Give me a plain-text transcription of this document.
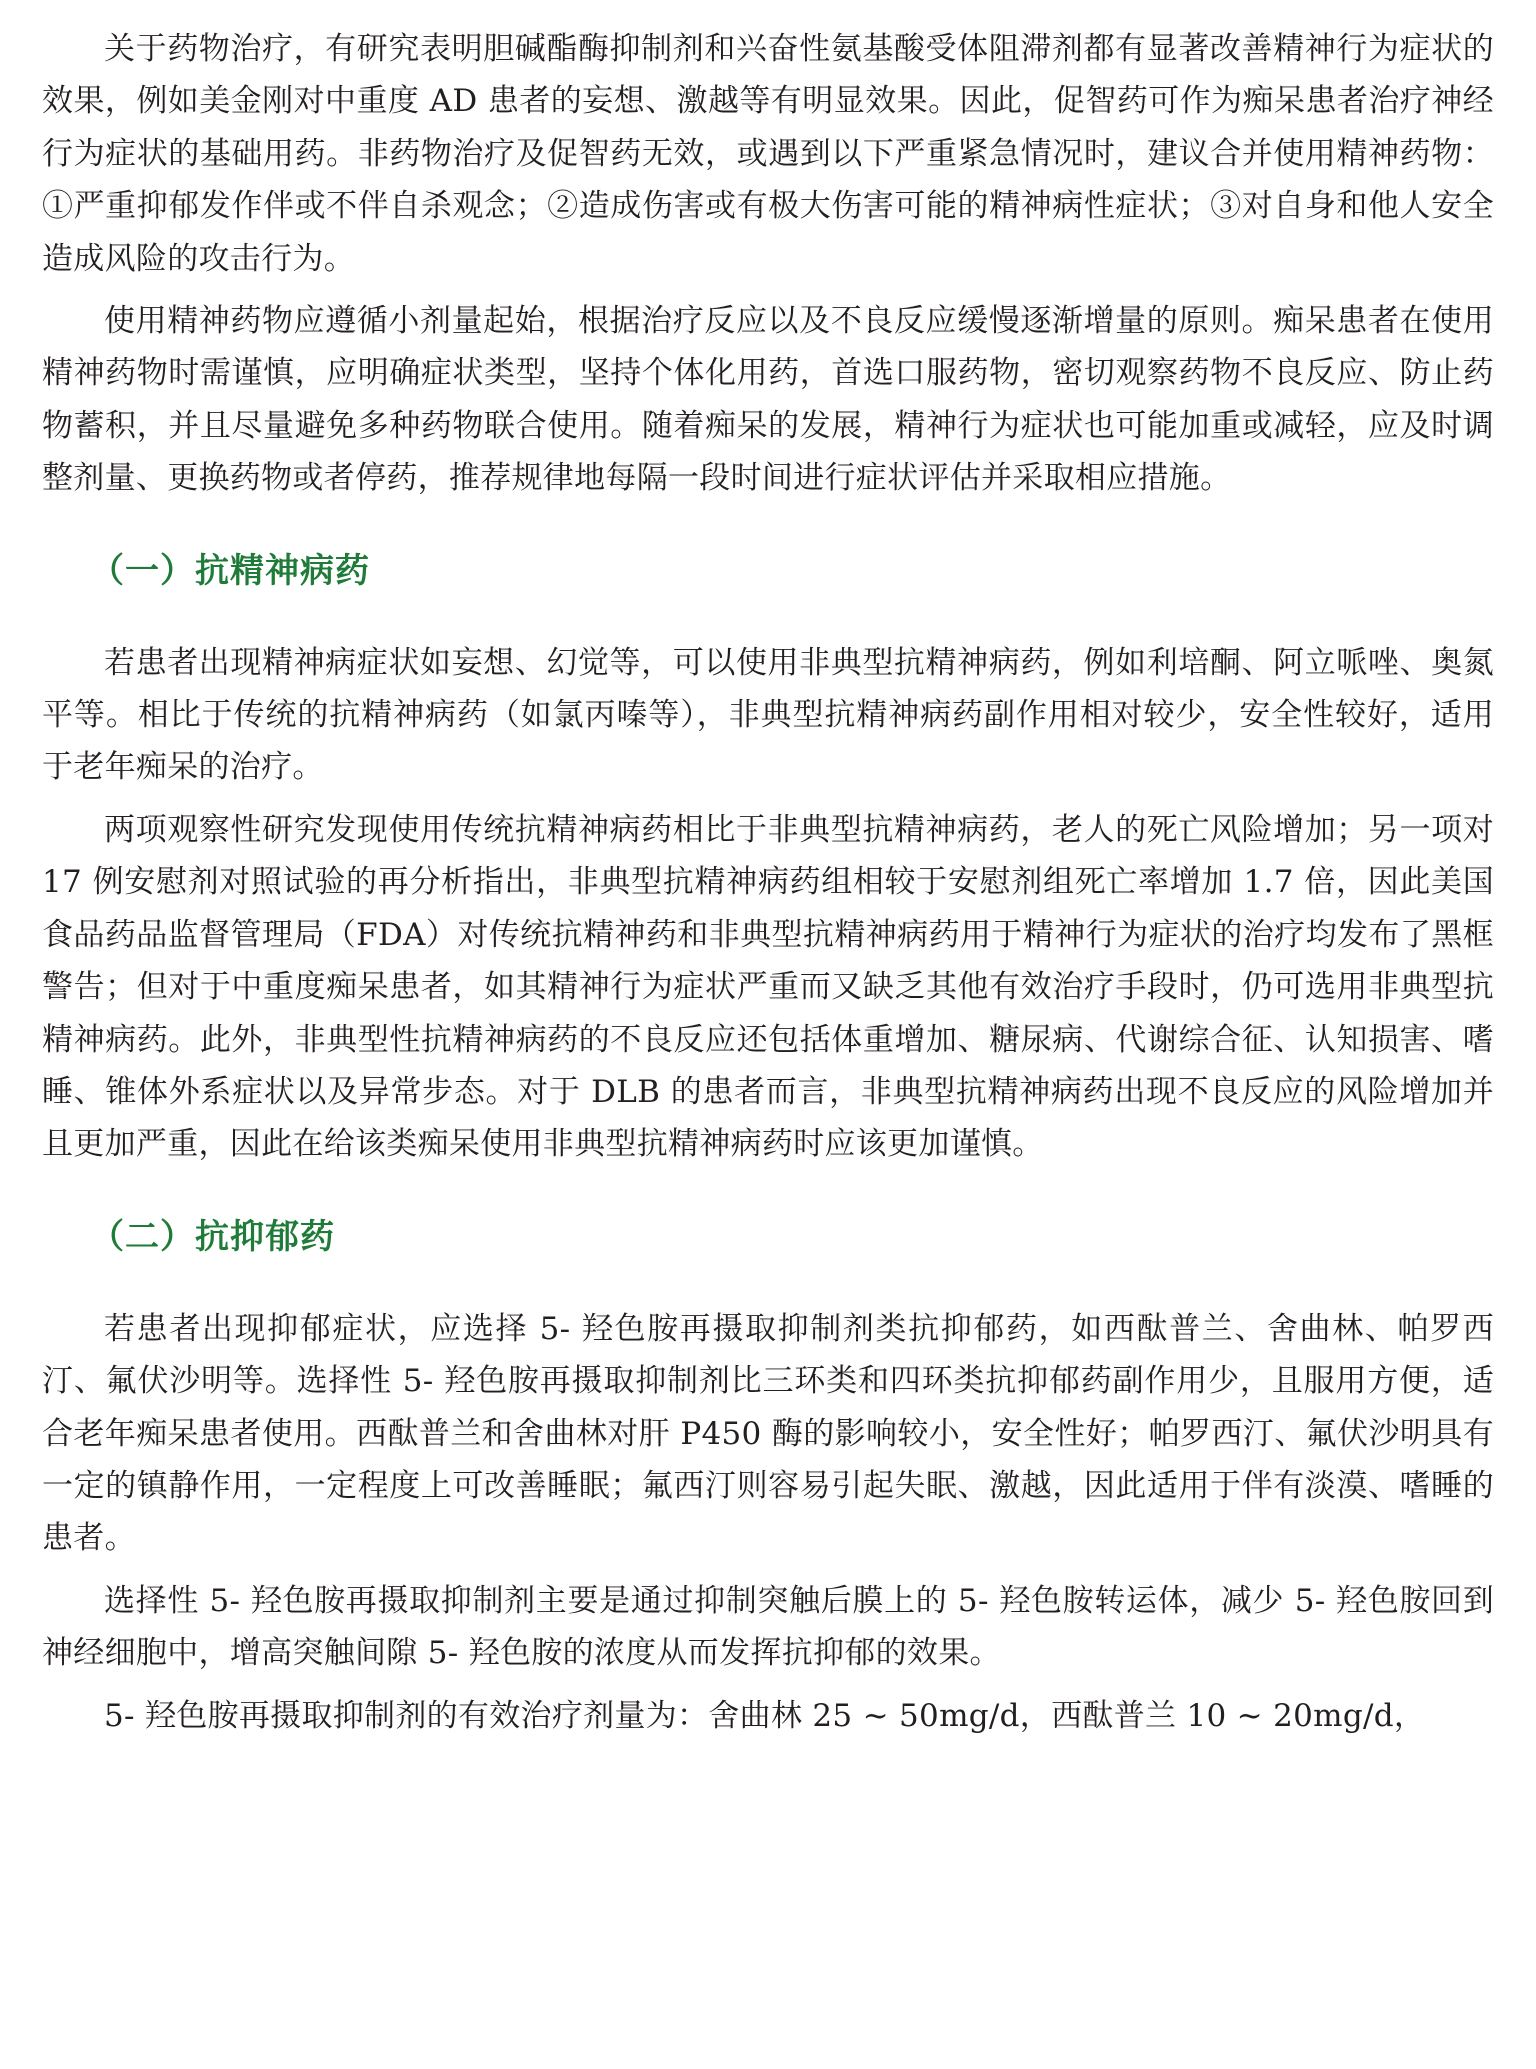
关于药物治疗，有研究表明胆碱酯酶抑制剂和兴奋性氨基酸受体阻滞剂都有显著改善精神行为症状的效果，例如美金刚对中重度 AD 患者的妄想、激越等有明显效果。因此，促智药可作为痴呆患者治疗神经行为症状的基础用药。非药物治疗及促智药无效，或遇到以下严重紧急情况时，建议合并使用精神药物：①严重抑郁发作伴或不伴自杀观念；②造成伤害或有极大伤害可能的精神病性症状；③对自身和他人安全造成风险的攻击行为。

使用精神药物应遵循小剂量起始，根据治疗反应以及不良反应缓慢逐渐增量的原则。痴呆患者在使用精神药物时需谨慎，应明确症状类型，坚持个体化用药，首选口服药物，密切观察药物不良反应、防止药物蓄积，并且尽量避免多种药物联合使用。随着痴呆的发展，精神行为症状也可能加重或减轻，应及时调整剂量、更换药物或者停药，推荐规律地每隔一段时间进行症状评估并采取相应措施。

（一）抗精神病药

若患者出现精神病症状如妄想、幻觉等，可以使用非典型抗精神病药，例如利培酮、阿立哌唑、奥氮平等。相比于传统的抗精神病药（如氯丙嗪等），非典型抗精神病药副作用相对较少，安全性较好，适用于老年痴呆的治疗。

两项观察性研究发现使用传统抗精神病药相比于非典型抗精神病药，老人的死亡风险增加；另一项对 17 例安慰剂对照试验的再分析指出，非典型抗精神病药组相较于安慰剂组死亡率增加 1.7 倍，因此美国食品药品监督管理局（FDA）对传统抗精神药和非典型抗精神病药用于精神行为症状的治疗均发布了黑框警告；但对于中重度痴呆患者，如其精神行为症状严重而又缺乏其他有效治疗手段时，仍可选用非典型抗精神病药。此外，非典型性抗精神病药的不良反应还包括体重增加、糖尿病、代谢综合征、认知损害、嗜睡、锥体外系症状以及异常步态。对于 DLB 的患者而言，非典型抗精神病药出现不良反应的风险增加并且更加严重，因此在给该类痴呆使用非典型抗精神病药时应该更加谨慎。

（二）抗抑郁药

若患者出现抑郁症状，应选择 5- 羟色胺再摄取抑制剂类抗抑郁药，如西酞普兰、舍曲林、帕罗西汀、氟伏沙明等。选择性 5- 羟色胺再摄取抑制剂比三环类和四环类抗抑郁药副作用少，且服用方便，适合老年痴呆患者使用。西酞普兰和舍曲林对肝 P450 酶的影响较小，安全性好；帕罗西汀、氟伏沙明具有一定的镇静作用，一定程度上可改善睡眠；氟西汀则容易引起失眠、激越，因此适用于伴有淡漠、嗜睡的患者。

选择性 5- 羟色胺再摄取抑制剂主要是通过抑制突触后膜上的 5- 羟色胺转运体，减少 5- 羟色胺回到神经细胞中，增高突触间隙 5- 羟色胺的浓度从而发挥抗抑郁的效果。

5- 羟色胺再摄取抑制剂的有效治疗剂量为：舍曲林 25 ~ 50mg/d，西酞普兰 10 ~ 20mg/d，
